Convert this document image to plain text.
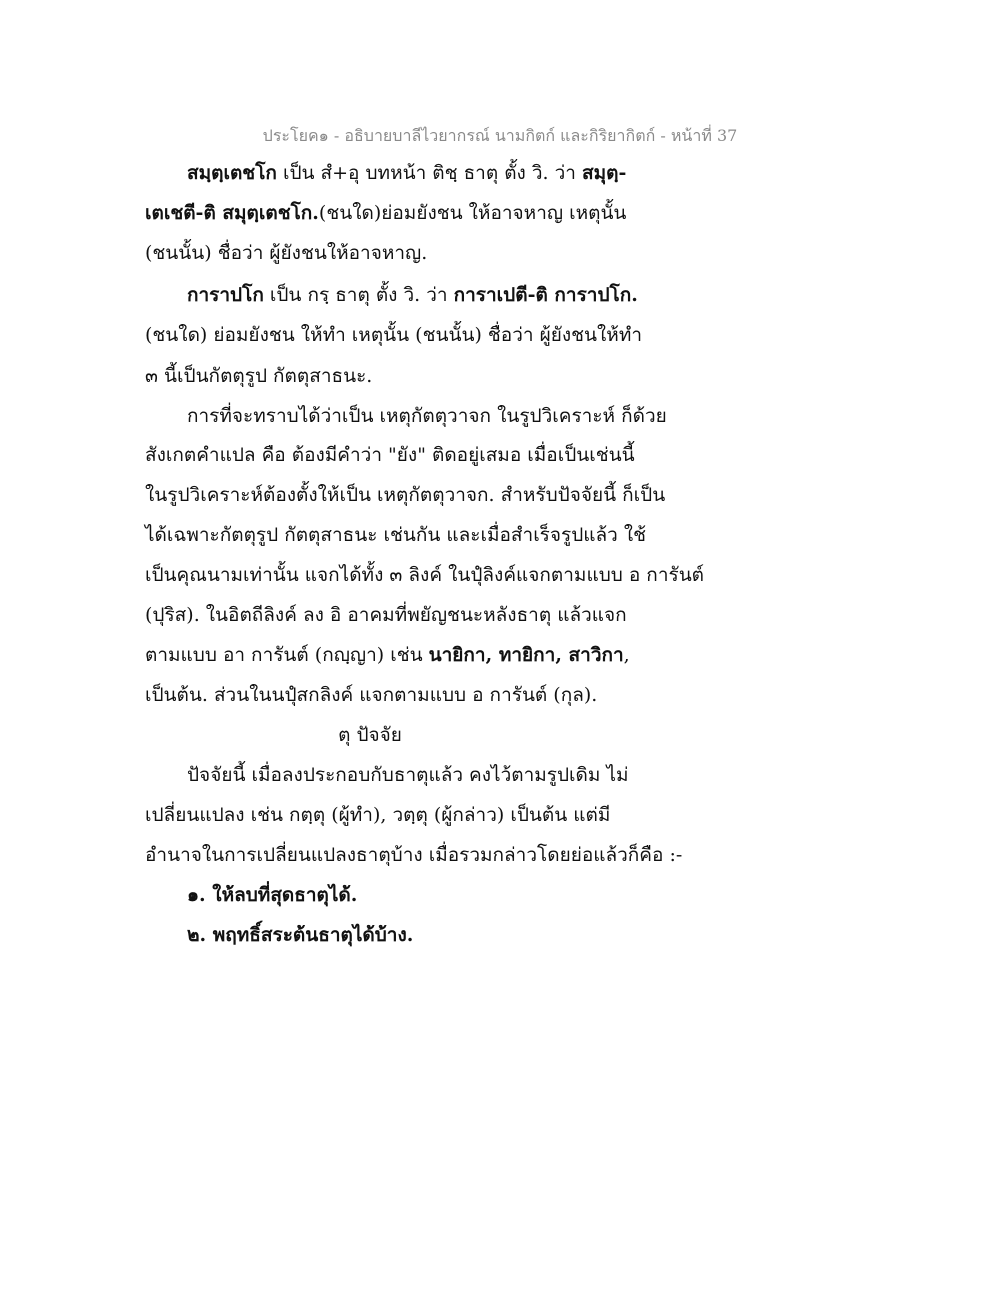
ประโยค๑ - อธิบายบาลีไวยากรณ์ นามกิตก์ และกิริยากิตก์ - หน้าที่ 37
สมฺตฺเตชโก เป็น สํ+อุ บทหน้า ติชฺ ธาตุ ตั้ง วิ. ว่า สมุตฺ-
เตเชตี-ติ สมุตฺเตชโก.(ชนใด)ย่อมยังชน ให้อาจหาญ เหตุนั้น
(ชนนั้น) ชื่อว่า ผู้ยังชนให้อาจหาญ.
การาปโก เป็น กรฺ ธาตุ ตั้ง วิ. ว่า การาเปตี-ติ การาปโก.
(ชนใด) ย่อมยังชน ให้ทำ เหตุนั้น (ชนนั้น) ชื่อว่า ผู้ยังชนให้ทำ
๓ นี้เป็นกัตตุรูป กัตตุสาธนะ.
การที่จะทราบได้ว่าเป็น เหตุกัตตุวาจก ในรูปวิเคราะห์ ก็ด้วย
สังเกตคำแปล คือ ต้องมีคำว่า "ยัง" ติดอยู่เสมอ เมื่อเป็นเช่นนี้
ในรูปวิเคราะห์ต้องตั้งให้เป็น เหตุกัตตุวาจก. สำหรับปัจจัยนี้ ก็เป็น
ได้เฉพาะกัตตุรูป กัตตุสาธนะ เช่นกัน และเมื่อสำเร็จรูปแล้ว ใช้
เป็นคุณนามเท่านั้น แจกได้ทั้ง ๓ ลิงค์ ในปุํลิงค์แจกตามแบบ อ การันต์
(ปุริส). ในอิตถีลิงค์ ลง อิ อาคมที่พยัญชนะหลังธาตุ แล้วแจก
ตามแบบ อา การันต์ (กญฺญา) เช่น นายิกา, ทายิกา, สาวิกา,
เป็นต้น. ส่วนในนปุํสกลิงค์ แจกตามแบบ อ การันต์ (กุล).
ตุ ปัจจัย
ปัจจัยนี้ เมื่อลงประกอบกับธาตุแล้ว คงไว้ตามรูปเดิม ไม่
เปลี่ยนแปลง เช่น กตฺตุ (ผู้ทำ), วตฺตุ (ผู้กล่าว) เป็นต้น แต่มี
อำนาจในการเปลี่ยนแปลงธาตุบ้าง เมื่อรวมกล่าวโดยย่อแล้วก็คือ :-
๑. ให้ลบที่สุดธาตุได้.
๒. พฤทธิ์สระต้นธาตุได้บ้าง.
